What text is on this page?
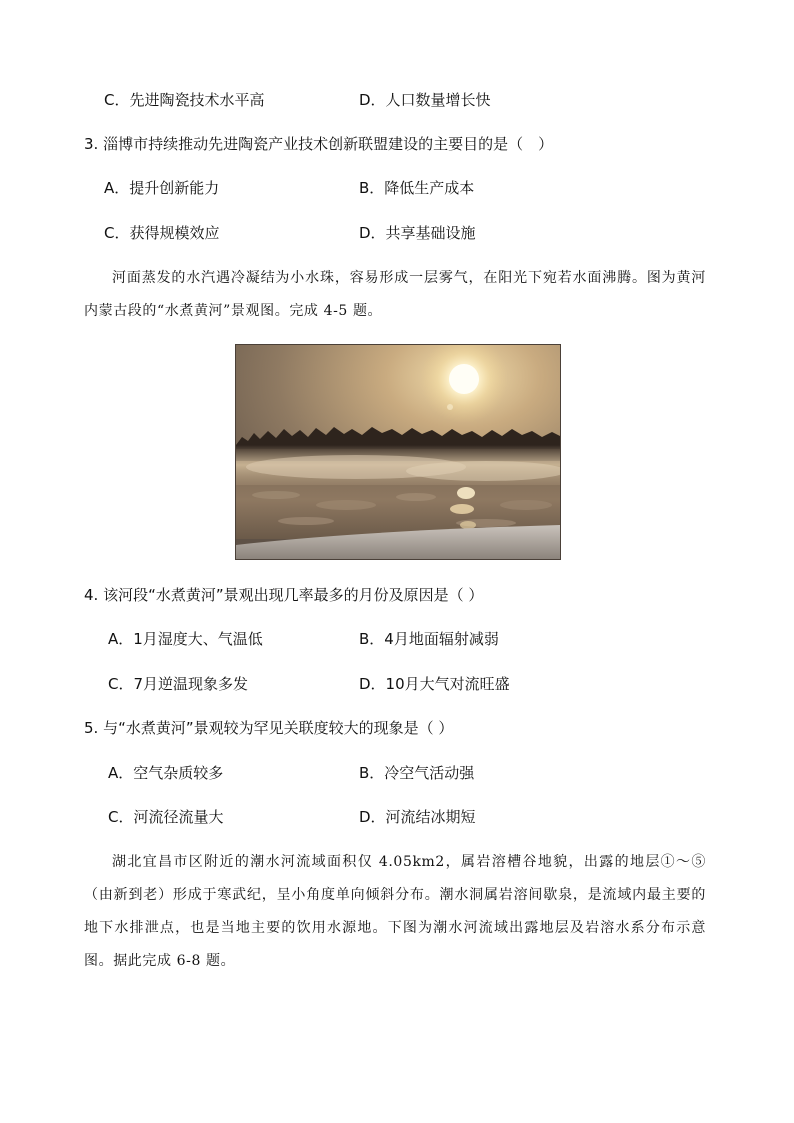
C．先进陶瓷技术水平高	D．人口数量增长快
3. 淄博市持续推动先进陶瓷产业技术创新联盟建设的主要目的是（　）
A．提升创新能力	B．降低生产成本
C．获得规模效应	D．共享基础设施

河面蒸发的水汽遇冷凝结为小水珠，容易形成一层雾气，在阳光下宛若水面沸腾。图为黄河内蒙古段的“水煮黄河”景观图。完成 4-5 题。

4. 该河段“水煮黄河”景观出现几率最多的月份及原因是（ ）
A．1月湿度大、气温低	B．4月地面辐射减弱
C．7月逆温现象多发	D．10月大气对流旺盛
5. 与“水煮黄河”景观较为罕见关联度较大的现象是（ ）
A．空气杂质较多	B．冷空气活动强
C．河流径流量大	D．河流结冰期短

湖北宜昌市区附近的潮水河流域面积仅 4.05km2，属岩溶槽谷地貌，出露的地层①～⑤（由新到老）形成于寒武纪，呈小角度单向倾斜分布。潮水洞属岩溶间歇泉，是流域内最主要的地下水排泄点，也是当地主要的饮用水源地。下图为潮水河流域出露地层及岩溶水系分布示意图。据此完成 6-8 题。
